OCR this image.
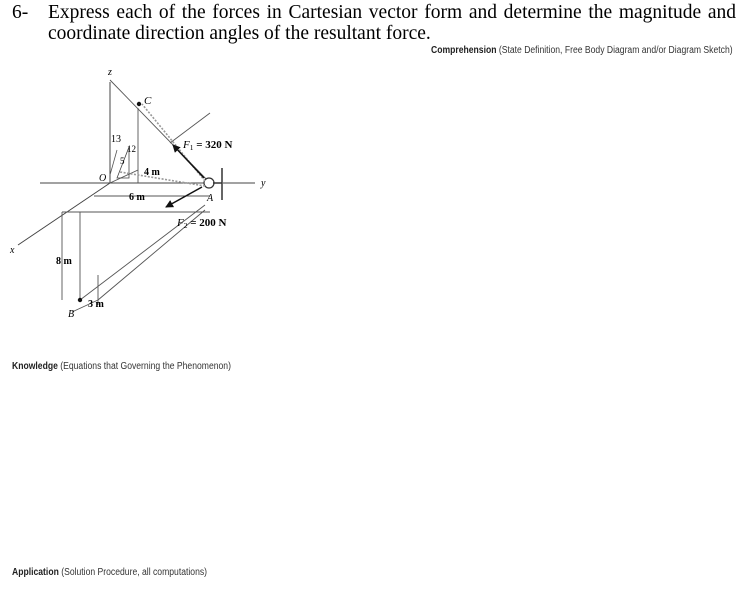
6- Express each of the forces in Cartesian vector form and determine the magnitude and
coordinate direction angles of the resultant force.
Comprehension (State Definition, Free Body Diagram and/or Diagram Sketch)
z
x
y
O
C
A
B
13
12
5
4 m
6 m
8 m
3 m
F1 = 320 N
F2 = 200 N
Knowledge (Equations that Governing the Phenomenon)
Application (Solution Procedure, all computations)
